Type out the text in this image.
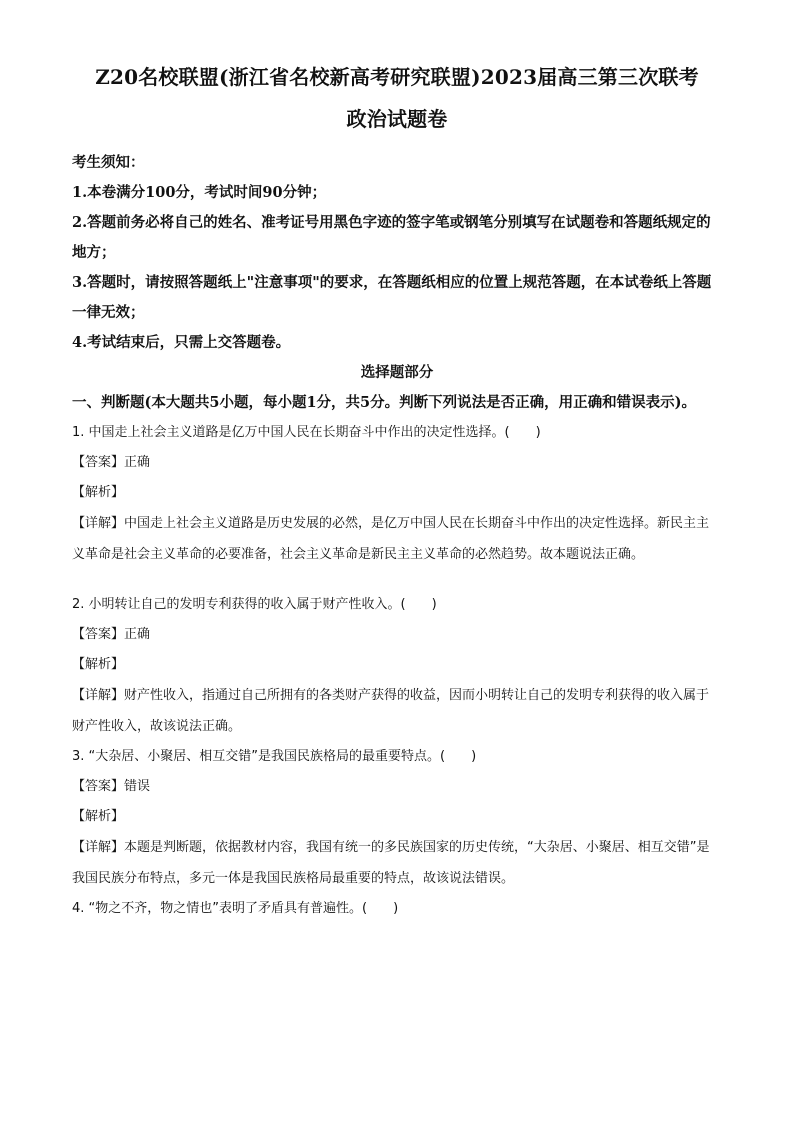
Z20名校联盟(浙江省名校新高考研究联盟)2023届高三第三次联考
政治试题卷
考生须知：
1.本卷满分100分，考试时间90分钟；
2.答题前务必将自己的姓名、准考证号用黑色字迹的签字笔或钢笔分别填写在试题卷和答题纸规定的地方；
3.答题时，请按照答题纸上"注意事项"的要求，在答题纸相应的位置上规范答题，在本试卷纸上答题一律无效；
4.考试结束后，只需上交答题卷。
选择题部分
一、判断题(本大题共5小题，每小题1分，共5分。判断下列说法是否正确，用正确和错误表示)。
1. 中国走上社会主义道路是亿万中国人民在长期奋斗中作出的决定性选择。(　　)
【答案】正确
【解析】
【详解】中国走上社会主义道路是历史发展的必然，是亿万中国人民在长期奋斗中作出的决定性选择。新民主主义革命是社会主义革命的必要准备，社会主义革命是新民主主义革命的必然趋势。故本题说法正确。
2. 小明转让自己的发明专利获得的收入属于财产性收入。(　　)
【答案】正确
【解析】
【详解】财产性收入，指通过自己所拥有的各类财产获得的收益，因而小明转让自己的发明专利获得的收入属于财产性收入，故该说法正确。
3. “大杂居、小聚居、相互交错”是我国民族格局的最重要特点。(　　)
【答案】错误
【解析】
【详解】本题是判断题，依据教材内容，我国有统一的多民族国家的历史传统，“大杂居、小聚居、相互交错”是我国民族分布特点，多元一体是我国民族格局最重要的特点，故该说法错误。
4. “物之不齐，物之情也”表明了矛盾具有普遍性。(　　)
